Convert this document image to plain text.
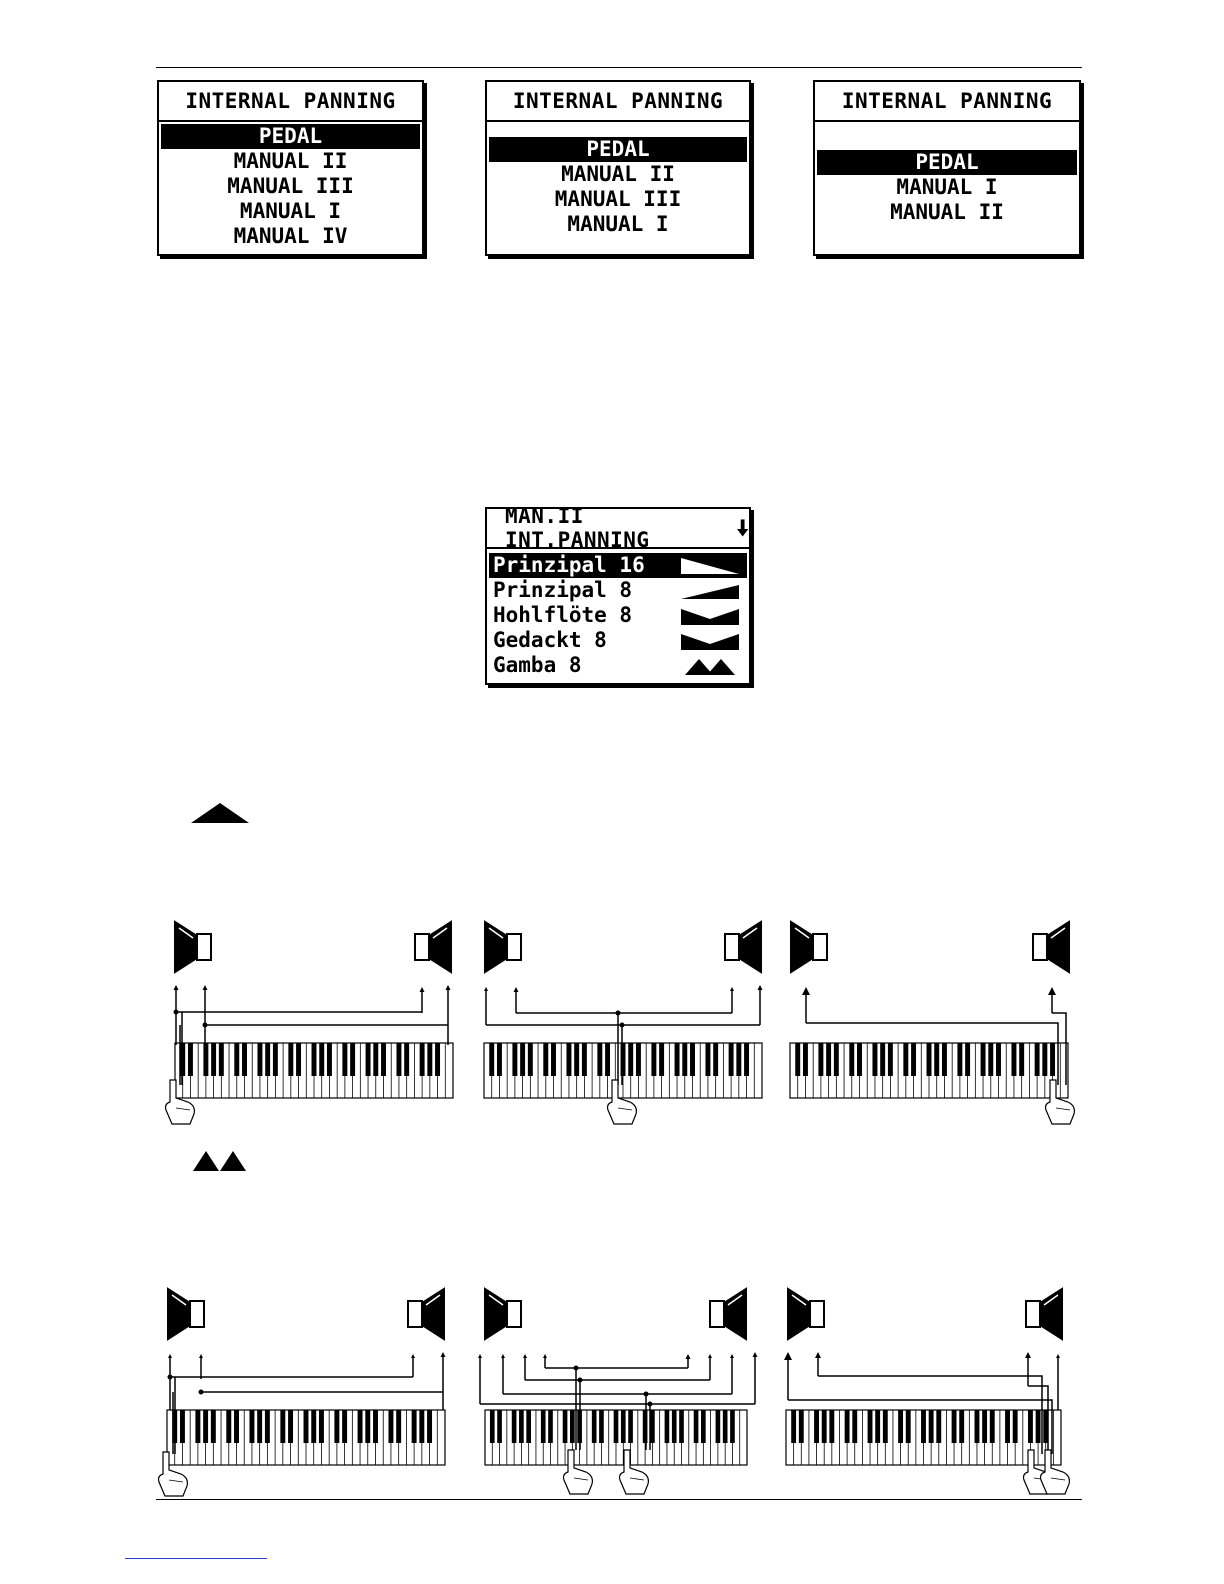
INTERNAL PANNING
PEDAL
MANUAL II
MANUAL III
MANUAL I
MANUAL IV
INTERNAL PANNING
PEDAL
MANUAL II
MANUAL III
MANUAL I
INTERNAL PANNING
PEDAL
MANUAL I
MANUAL II
MAN.II INT.PANNING
Prinzipal 16
Prinzipal 8
Hohlflöte 8
Gedackt 8
Gamba 8
